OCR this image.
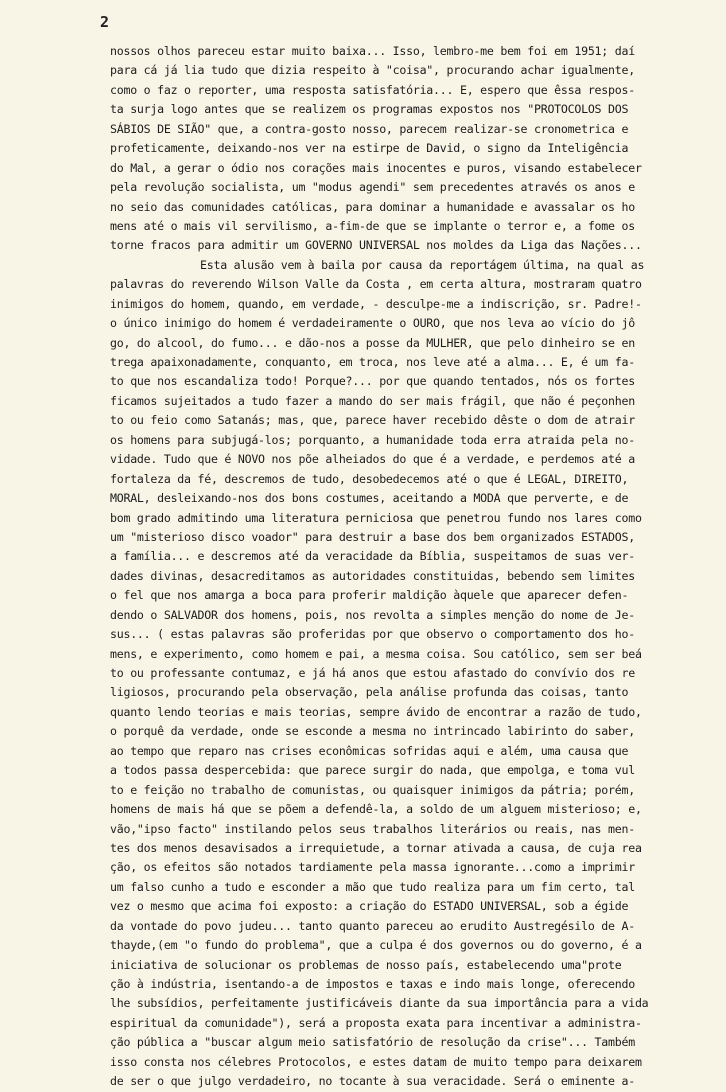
2
nossos olhos pareceu estar muito baixa... Isso, lembro-me bem foi em 1951; daí
para cá já lia tudo que dizia respeito à "coisa", procurando achar igualmente,
como o faz o reporter, uma resposta satisfatória... E, espero que êssa respos-
ta surja logo antes que se realizem os programas expostos nos "PROTOCOLOS DOS
SÁBIOS DE SIÃO" que, a contra-gosto nosso, parecem realizar-se cronometrica e
profeticamente, deixando-nos ver na estirpe de David, o signo da Inteligência
do Mal, a gerar o ódio nos corações mais inocentes e puros, visando estabelecer
pela revolução socialista, um "modus agendi" sem precedentes através os anos e
no seio das comunidades católicas, para dominar a humanidade e avassalar os ho
mens até o mais vil servilismo, a-fim-de que se implante o terror e, a fome os
torne fracos para admitir um GOVERNO UNIVERSAL nos moldes da Liga das Nações...
Esta alusão vem à baila por causa da reportágem última, na qual as
palavras do reverendo Wilson Valle da Costa , em certa altura, mostraram quatro
inimigos do homem, quando, em verdade, - desculpe-me a indiscrição, sr. Padre!-
o único inimigo do homem é verdadeiramente o OURO, que nos leva ao vício do jô
go, do alcool, do fumo... e dão-nos a posse da MULHER, que pelo dinheiro se en
trega apaixonadamente, conquanto, em troca, nos leve até a alma... E, é um fa-
to que nos escandaliza todo! Porque?... por que quando tentados, nós os fortes
ficamos sujeitados a tudo fazer a mando do ser mais frágil, que não é peçonhen
to ou feio como Satanás; mas, que, parece haver recebido dêste o dom de atrair
os homens para subjugá-los; porquanto, a humanidade toda erra atraida pela no-
vidade. Tudo que é NOVO nos põe alheiados do que é a verdade, e perdemos até a
fortaleza da fé, descremos de tudo, desobedecemos até o que é LEGAL, DIREITO,
MORAL, desleixando-nos dos bons costumes, aceitando a MODA que perverte, e de
bom grado admitindo uma literatura perniciosa que penetrou fundo nos lares como
um "misterioso disco voador" para destruir a base dos bem organizados ESTADOS,
a família... e descremos até da veracidade da Bíblia, suspeitamos de suas ver-
dades divinas, desacreditamos as autoridades constituidas, bebendo sem limites
o fel que nos amarga a boca para proferir maldição àquele que aparecer defen-
dendo o SALVADOR dos homens, pois, nos revolta a simples menção do nome de Je-
sus... ( estas palavras são proferidas por que observo o comportamento dos ho-
mens, e experimento, como homem e pai, a mesma coisa. Sou católico, sem ser beá
to ou professante contumaz, e já há anos que estou afastado do convívio dos re
ligiosos, procurando pela observação, pela análise profunda das coisas, tanto
quanto lendo teorias e mais teorias, sempre ávido de encontrar a razão de tudo,
o porquê da verdade, onde se esconde a mesma no intrincado labirinto do saber,
ao tempo que reparo nas crises econômicas sofridas aqui e além, uma causa que
a todos passa despercebida: que parece surgir do nada, que empolga, e toma vul
to e feição no trabalho de comunistas, ou quaisquer inimigos da pátria; porém,
homens de mais há que se põem a defendê-la, a soldo de um alguem misterioso; e,
vão,"ipso facto" instilando pelos seus trabalhos literários ou reais, nas men-
tes dos menos desavisados a irrequietude, a tornar ativada a causa, de cuja rea
ção, os efeitos são notados tardiamente pela massa ignorante...como a imprimir
um falso cunho a tudo e esconder a mão que tudo realiza para um fim certo, tal
vez o mesmo que acima foi exposto: a criação do ESTADO UNIVERSAL, sob a égide
da vontade do povo judeu... tanto quanto pareceu ao erudito Austregésilo de A-
thayde,(em "o fundo do problema", que a culpa é dos governos ou do governo, é a
iniciativa de solucionar os problemas de nosso país, estabelecendo uma"prote
ção à indústria, isentando-a de impostos e taxas e indo mais longe, oferecendo
lhe subsídios, perfeitamente justificáveis diante da sua importância para a vida
espiritual da comunidade"), será a proposta exata para incentivar a administra-
ção pública a "buscar algum meio satisfatório de resolução da crise"... Também
isso consta nos célebres Protocolos, e estes datam de muito tempo para deixarem
de ser o que julgo verdadeiro, no tocante à sua veracidade. Será o eminente a-
